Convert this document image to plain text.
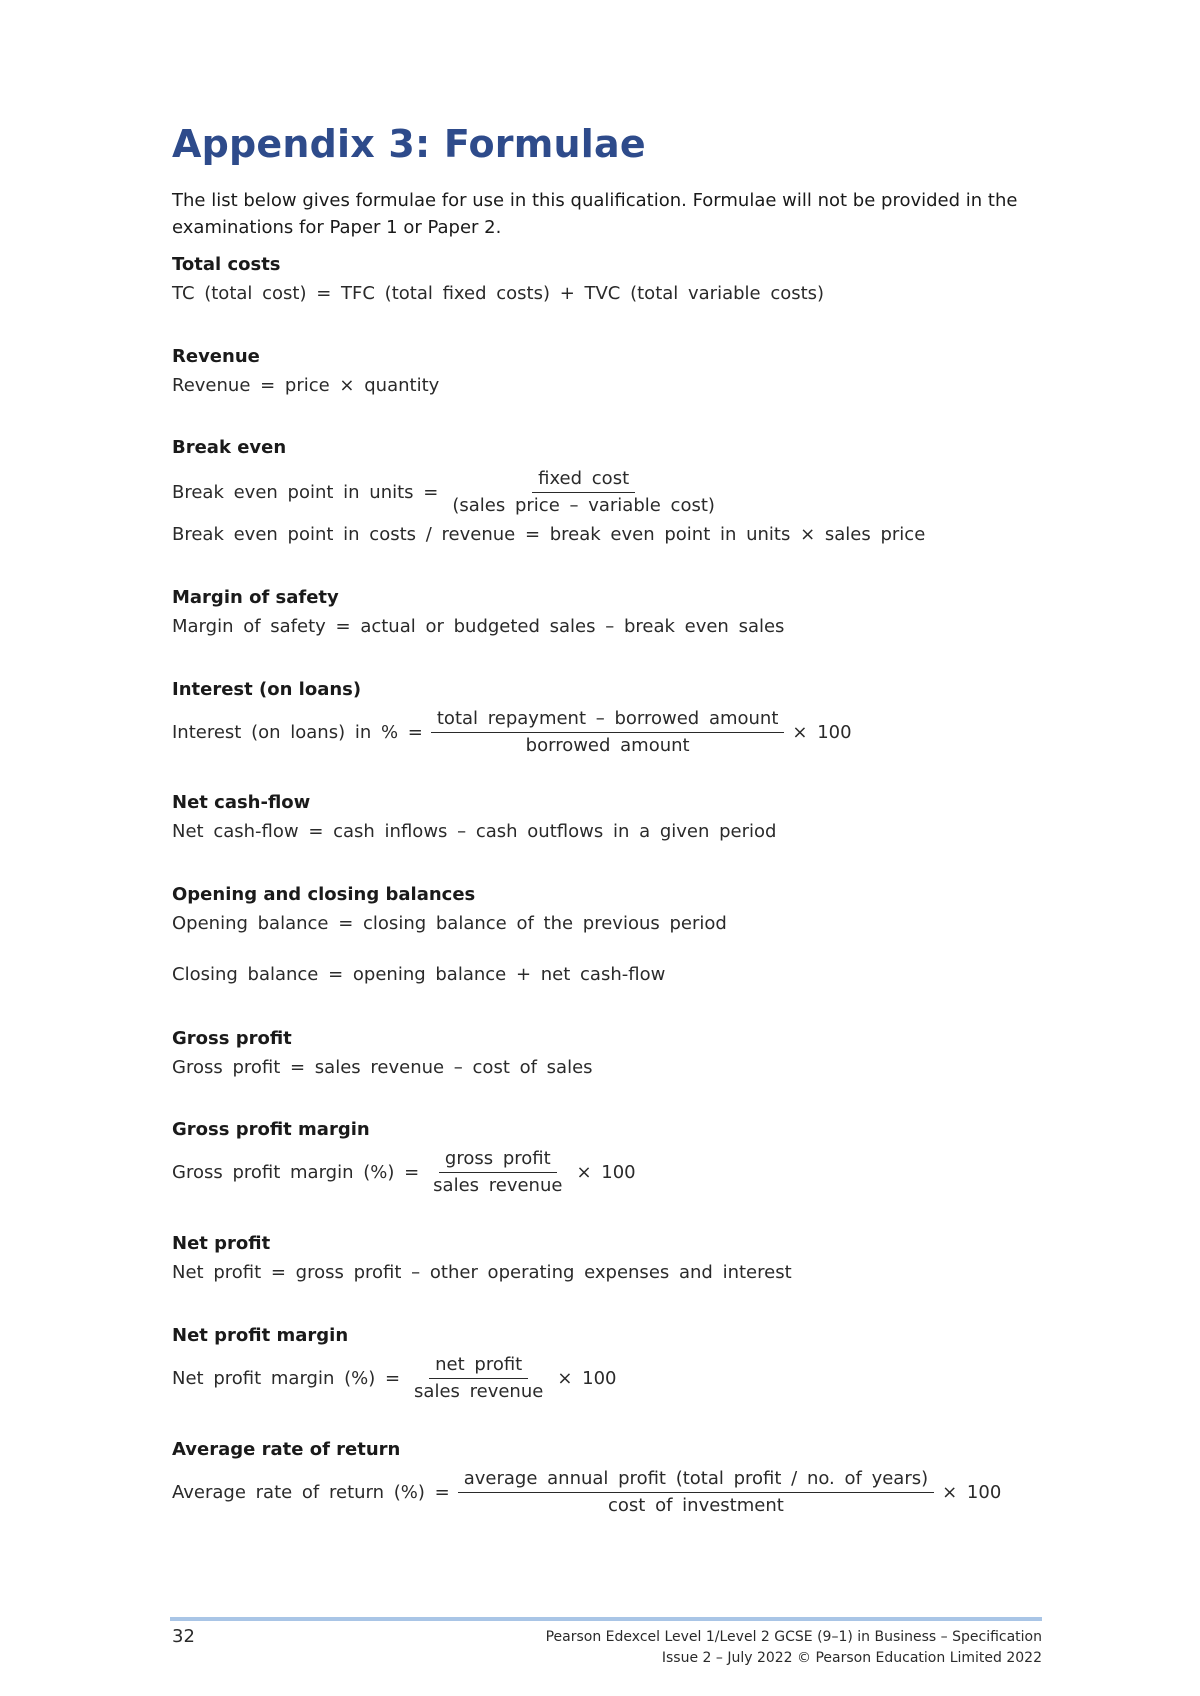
Appendix 3: Formulae
The list below gives formulae for use in this qualification. Formulae will not be provided in the examinations for Paper 1 or Paper 2.
Total costs
TC (total cost) = TFC (total fixed costs) + TVC (total variable costs)
Revenue
Revenue = price × quantity
Break even
Break even point in units = $\frac{\text{fixed cost}}{\text{(sales price – variable cost)}}$
Break even point in costs / revenue = break even point in units × sales price
Margin of safety
Margin of safety = actual or budgeted sales – break even sales
Interest (on loans)
Interest (on loans) in % = $\frac{\text{total repayment – borrowed amount}}{\text{borrowed amount}} \times 100$
Net cash-flow
Net cash-flow = cash inflows – cash outflows in a given period
Opening and closing balances
Opening balance = closing balance of the previous period
Closing balance = opening balance + net cash-flow
Gross profit
Gross profit = sales revenue – cost of sales
Gross profit margin
Gross profit margin (%) = $\frac{\text{gross profit}}{\text{sales revenue}} \times 100$
Net profit
Net profit = gross profit – other operating expenses and interest
Net profit margin
Net profit margin (%) = $\frac{\text{net profit}}{\text{sales revenue}} \times 100$
Average rate of return
Average rate of return (%) = $\frac{\text{average annual profit (total profit / no. of years)}}{\text{cost of investment}} \times 100$
32	Pearson Edexcel Level 1/Level 2 GCSE (9–1) in Business – Specification
Issue 2 – July 2022 © Pearson Education Limited 2022
